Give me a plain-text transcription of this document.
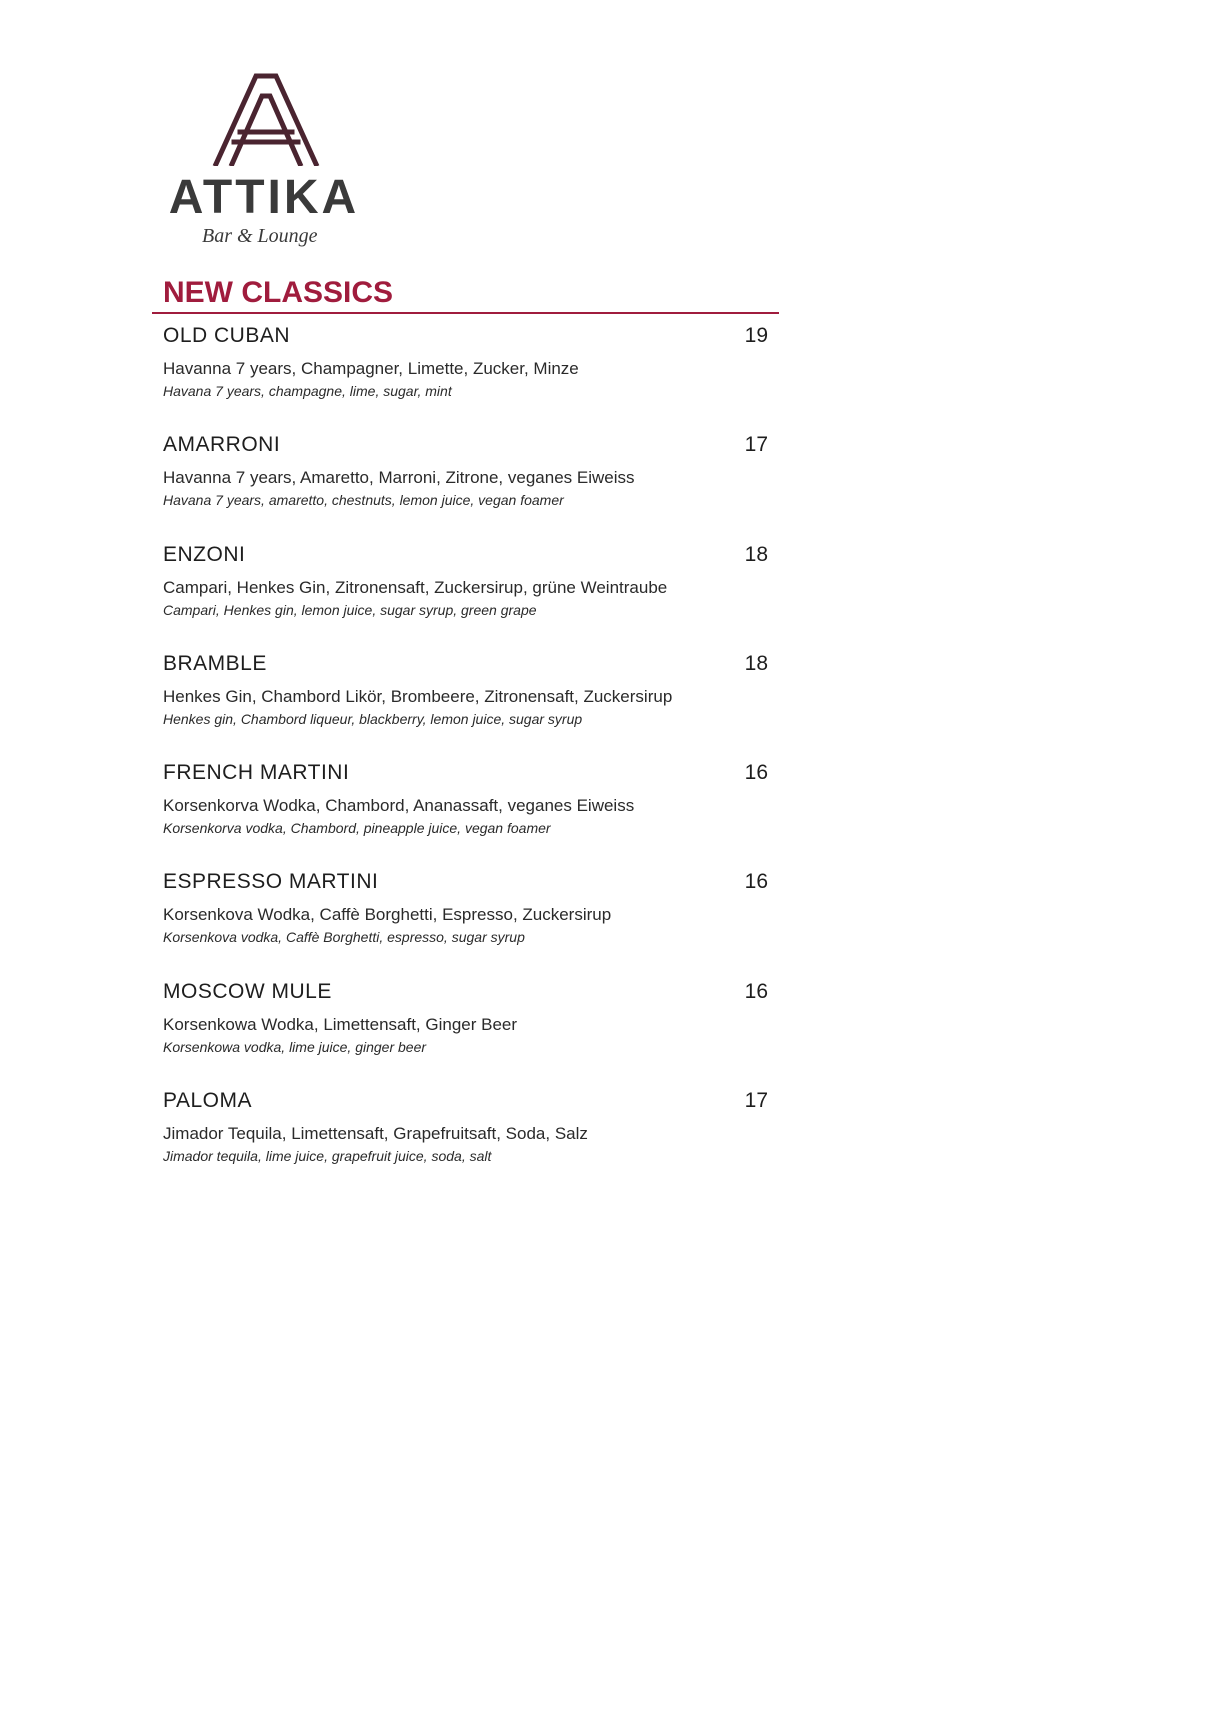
ATTIKA
Bar & Lounge
NEW CLASSICS
OLD CUBAN	19
Havanna 7 years, Champagner, Limette, Zucker, Minze
Havana 7 years, champagne, lime, sugar, mint
AMARRONI	17
Havanna 7 years, Amaretto, Marroni, Zitrone, veganes Eiweiss
Havana 7 years, amaretto, chestnuts, lemon juice, vegan foamer
ENZONI	18
Campari, Henkes Gin, Zitronensaft, Zuckersirup, grüne Weintraube
Campari, Henkes gin, lemon juice, sugar syrup, green grape
BRAMBLE	18
Henkes Gin, Chambord Likör, Brombeere, Zitronensaft, Zuckersirup
Henkes gin, Chambord liqueur, blackberry, lemon juice, sugar syrup
FRENCH MARTINI	16
Korsenkorva Wodka, Chambord, Ananassaft, veganes Eiweiss
Korsenkorva vodka, Chambord, pineapple juice, vegan foamer
ESPRESSO MARTINI	16
Korsenkova Wodka, Caffè Borghetti, Espresso, Zuckersirup
Korsenkova vodka, Caffè Borghetti, espresso, sugar syrup
MOSCOW MULE	16
Korsenkowa Wodka, Limettensaft, Ginger Beer
Korsenkowa vodka, lime juice, ginger beer
PALOMA	17
Jimador Tequila, Limettensaft, Grapefruitsaft, Soda, Salz
Jimador tequila, lime juice, grapefruit juice, soda, salt
